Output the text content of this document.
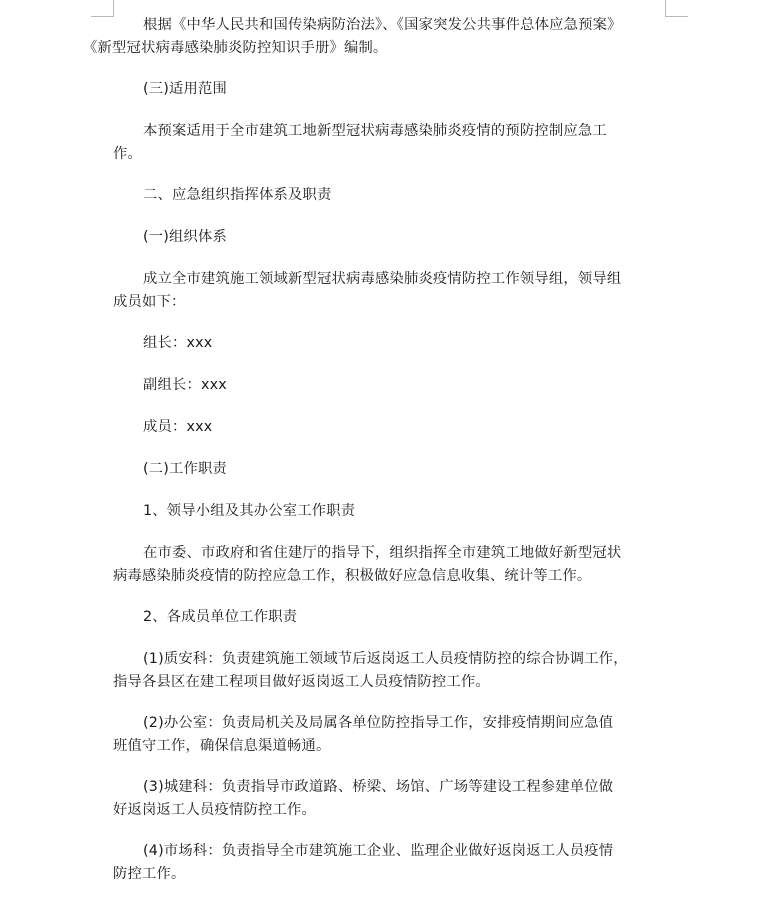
根据《中华人民共和国传染病防治法》、《国家突发公共事件总体应急预案》
《新型冠状病毒感染肺炎防控知识手册》编制。

(三)适用范围

本预案适用于全市建筑工地新型冠状病毒感染肺炎疫情的预防控制应急工
作。

二、应急组织指挥体系及职责

(一)组织体系

成立全市建筑施工领域新型冠状病毒感染肺炎疫情防控工作领导组，领导组
成员如下：

组长：xxx

副组长：xxx

成员：xxx

(二)工作职责

1、领导小组及其办公室工作职责

在市委、市政府和省住建厅的指导下，组织指挥全市建筑工地做好新型冠状
病毒感染肺炎疫情的防控应急工作，积极做好应急信息收集、统计等工作。

2、各成员单位工作职责

(1)质安科：负责建筑施工领域节后返岗返工人员疫情防控的综合协调工作，
指导各县区在建工程项目做好返岗返工人员疫情防控工作。

(2)办公室：负责局机关及局属各单位防控指导工作，安排疫情期间应急值
班值守工作，确保信息渠道畅通。

(3)城建科：负责指导市政道路、桥梁、场馆、广场等建设工程参建单位做
好返岗返工人员疫情防控工作。

(4)市场科：负责指导全市建筑施工企业、监理企业做好返岗返工人员疫情
防控工作。
